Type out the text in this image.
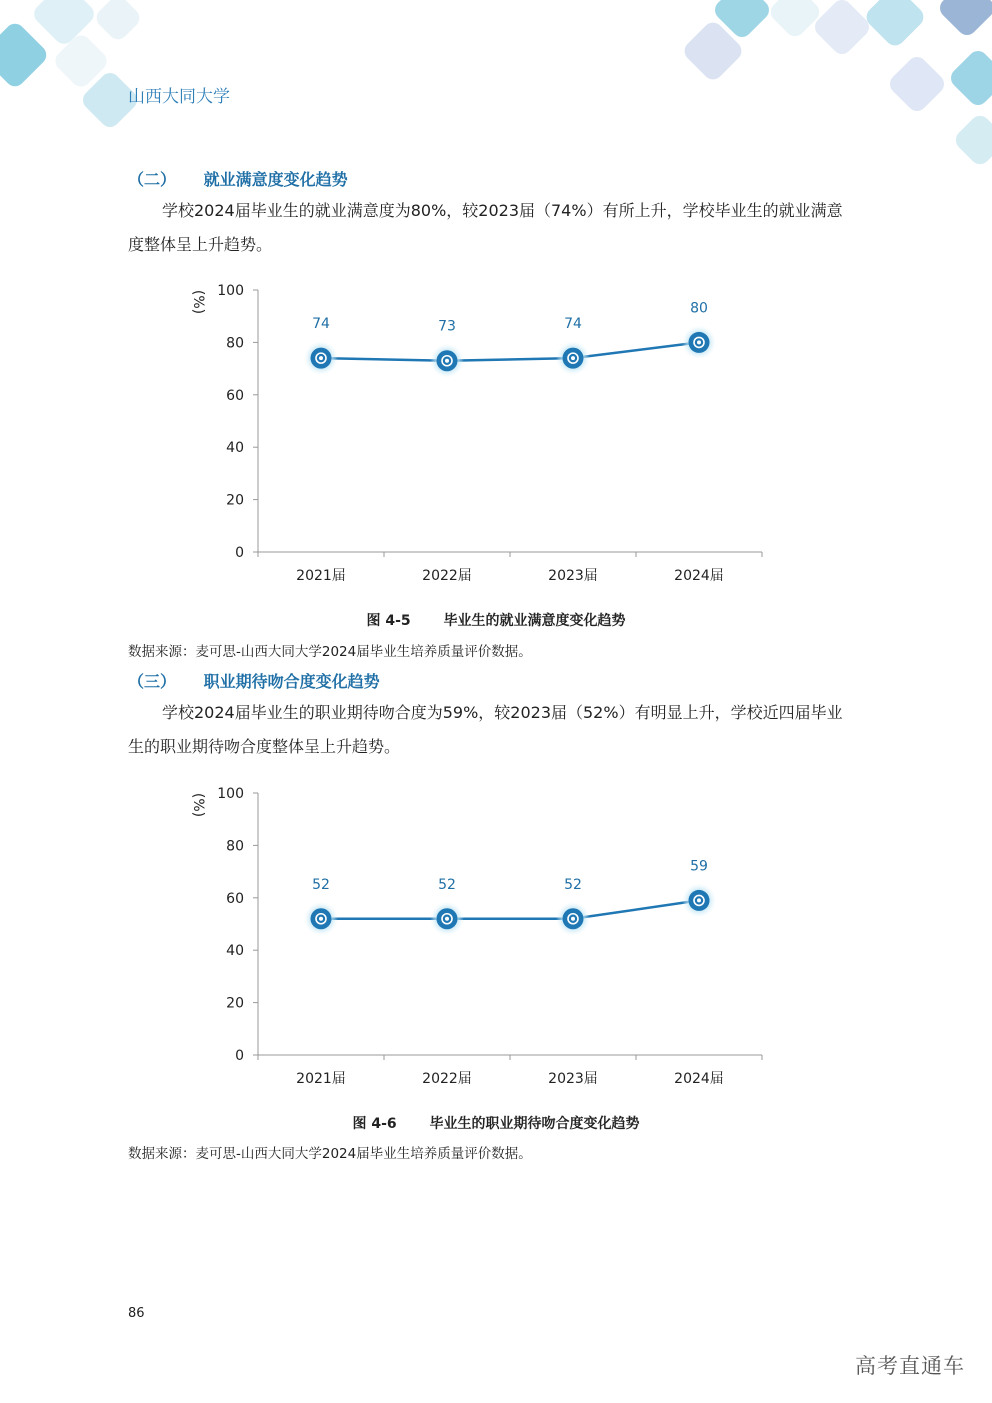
山西大同大学
（二） 就业满意度变化趋势
学校2024届毕业生的就业满意度为80%，较2023届（74%）有所上升，学校毕业生的就业满意度整体呈上升趋势。
0
20
40
60
80
100
(%)
2021届	2022届	2023届	2024届
74	73	74
80
图 4-5 毕业生的就业满意度变化趋势
数据来源：麦可思-山西大同大学2024届毕业生培养质量评价数据。
（三） 职业期待吻合度变化趋势
学校2024届毕业生的职业期待吻合度为59%，较2023届（52%）有明显上升，学校近四届毕业生的职业期待吻合度整体呈上升趋势。
0
20
40
60
80
100
(%)
2021届	2022届	2023届	2024届
52	52	52
59
图 4-6 毕业生的职业期待吻合度变化趋势
数据来源：麦可思-山西大同大学2024届毕业生培养质量评价数据。
86
高考直通车
